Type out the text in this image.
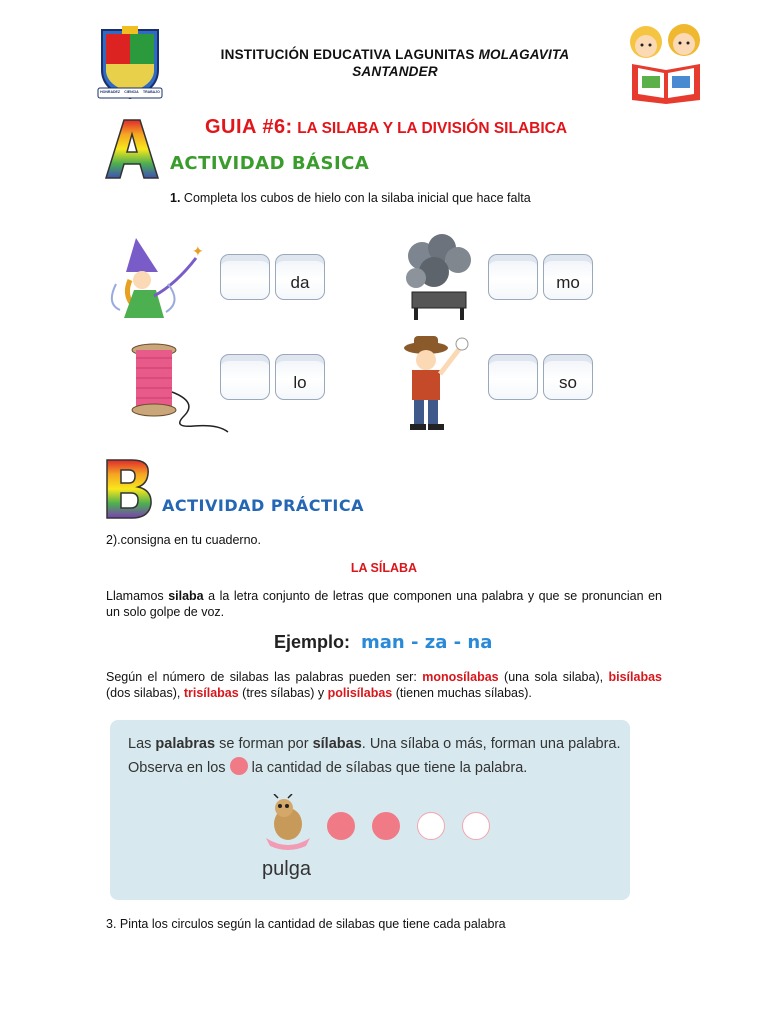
HONRADEZ CIENCIA TRABAJO
INSTITUCIÓN EDUCATIVA LAGUNITAS MOLAGAVITA
SANTANDER
GUIA #6: LA SILABA Y LA DIVISIÓN SILABICA
ACTIVIDAD BÁSICA
1. Completa los cubos de hielo con la silaba inicial que hace falta
✦
da	mo
lo	so
ACTIVIDAD PRÁCTICA
2).consigna en tu cuaderno.
LA SÍLABA
Llamamos silaba a la letra conjunto de letras que componen una palabra y que se pronuncian en un solo golpe de voz.
Ejemplo: man - za - na
Según el número de silabas las palabras pueden ser: monosílabas (una sola silaba), bisílabas (dos silabas), trisílabas (tres sílabas) y polisílabas (tienen muchas sílabas).
Las palabras se forman por sílabas. Una sílaba o más, forman una palabra.
Observa en los  la cantidad de sílabas que tiene la palabra.
pulga
3. Pinta los circulos según la cantidad de silabas que tiene cada palabra
